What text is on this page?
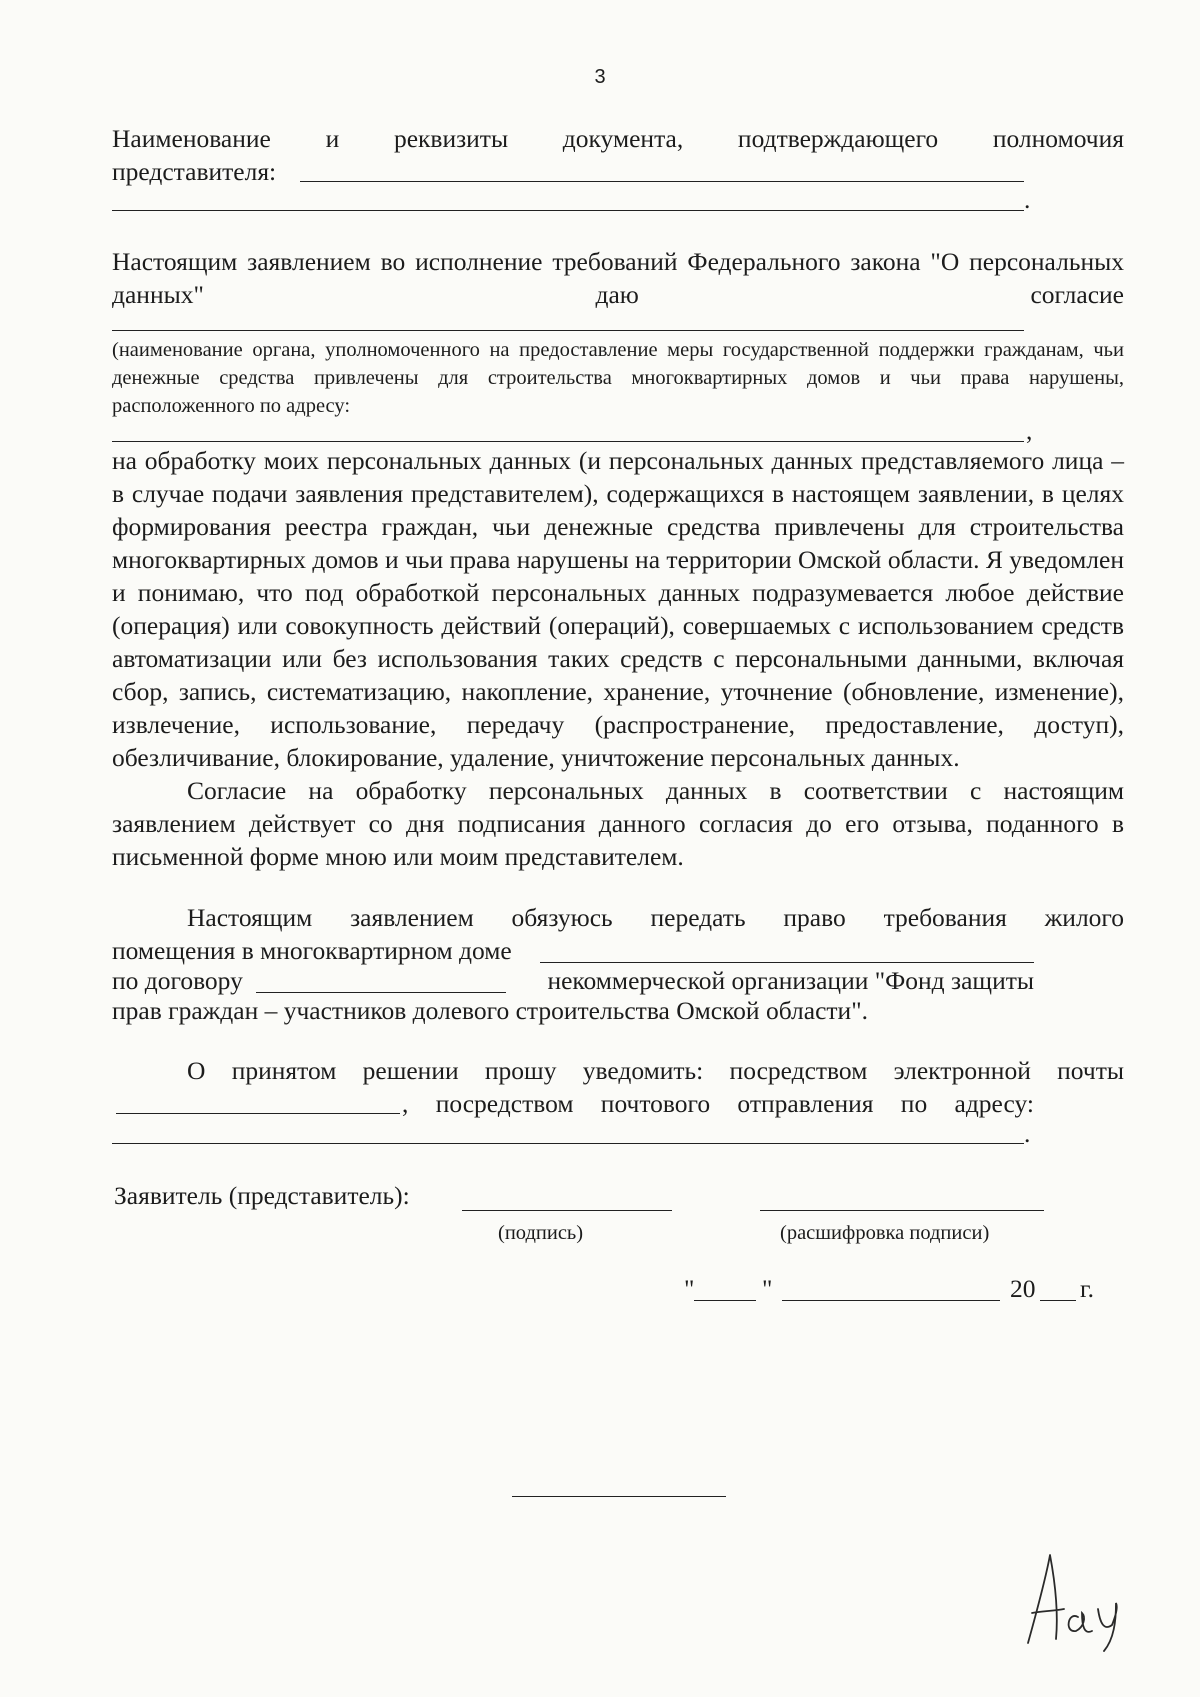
3

Наименование и реквизиты документа, подтверждающего полномочия

представителя:
.

Настоящим заявлением во исполнение требований Федерального закона "О персональных данных" даю согласие

(наименование органа, уполномоченного на предоставление меры государственной поддержки гражданам, чьи денежные средства привлечены для строительства многоквартирных домов и чьи права нарушены, расположенного по адресу:

,

на обработку моих персональных данных (и персональных данных представляемого лица – в случае подачи заявления представителем), содержащихся в настоящем заявлении, в целях формирования реестра граждан, чьи денежные средства привлечены для строительства многоквартирных домов и чьи права нарушены на территории Омской области. Я уведомлен и понимаю, что под обработкой персональных данных подразумевается любое действие (операция) или совокупность действий (операций), совершаемых с использованием средств автоматизации или без использования таких средств с персональными данными, включая сбор, запись, систематизацию, накопление, хранение, уточнение (обновление, изменение), извлечение, использование, передачу (распространение, предоставление, доступ), обезличивание, блокирование, удаление, уничтожение персональных данных.

Согласие на обработку персональных данных в соответствии с настоящим заявлением действует со дня подписания данного согласия до его отзыва, поданного в письменной форме мною или моим представителем.

Настоящим заявлением обязуюсь передать право требования жилого

помещения в многоквартирном доме
по договору	некоммерческой организации "Фонд защиты
прав граждан – участников долевого строительства Омской области".

О принятом решении прошу уведомить: посредством электронной почты

, посредством почтового отправления по адресу:
.
Заявитель (представитель):
(подпись)	(расшифровка подписи)
"	"	20 г.
